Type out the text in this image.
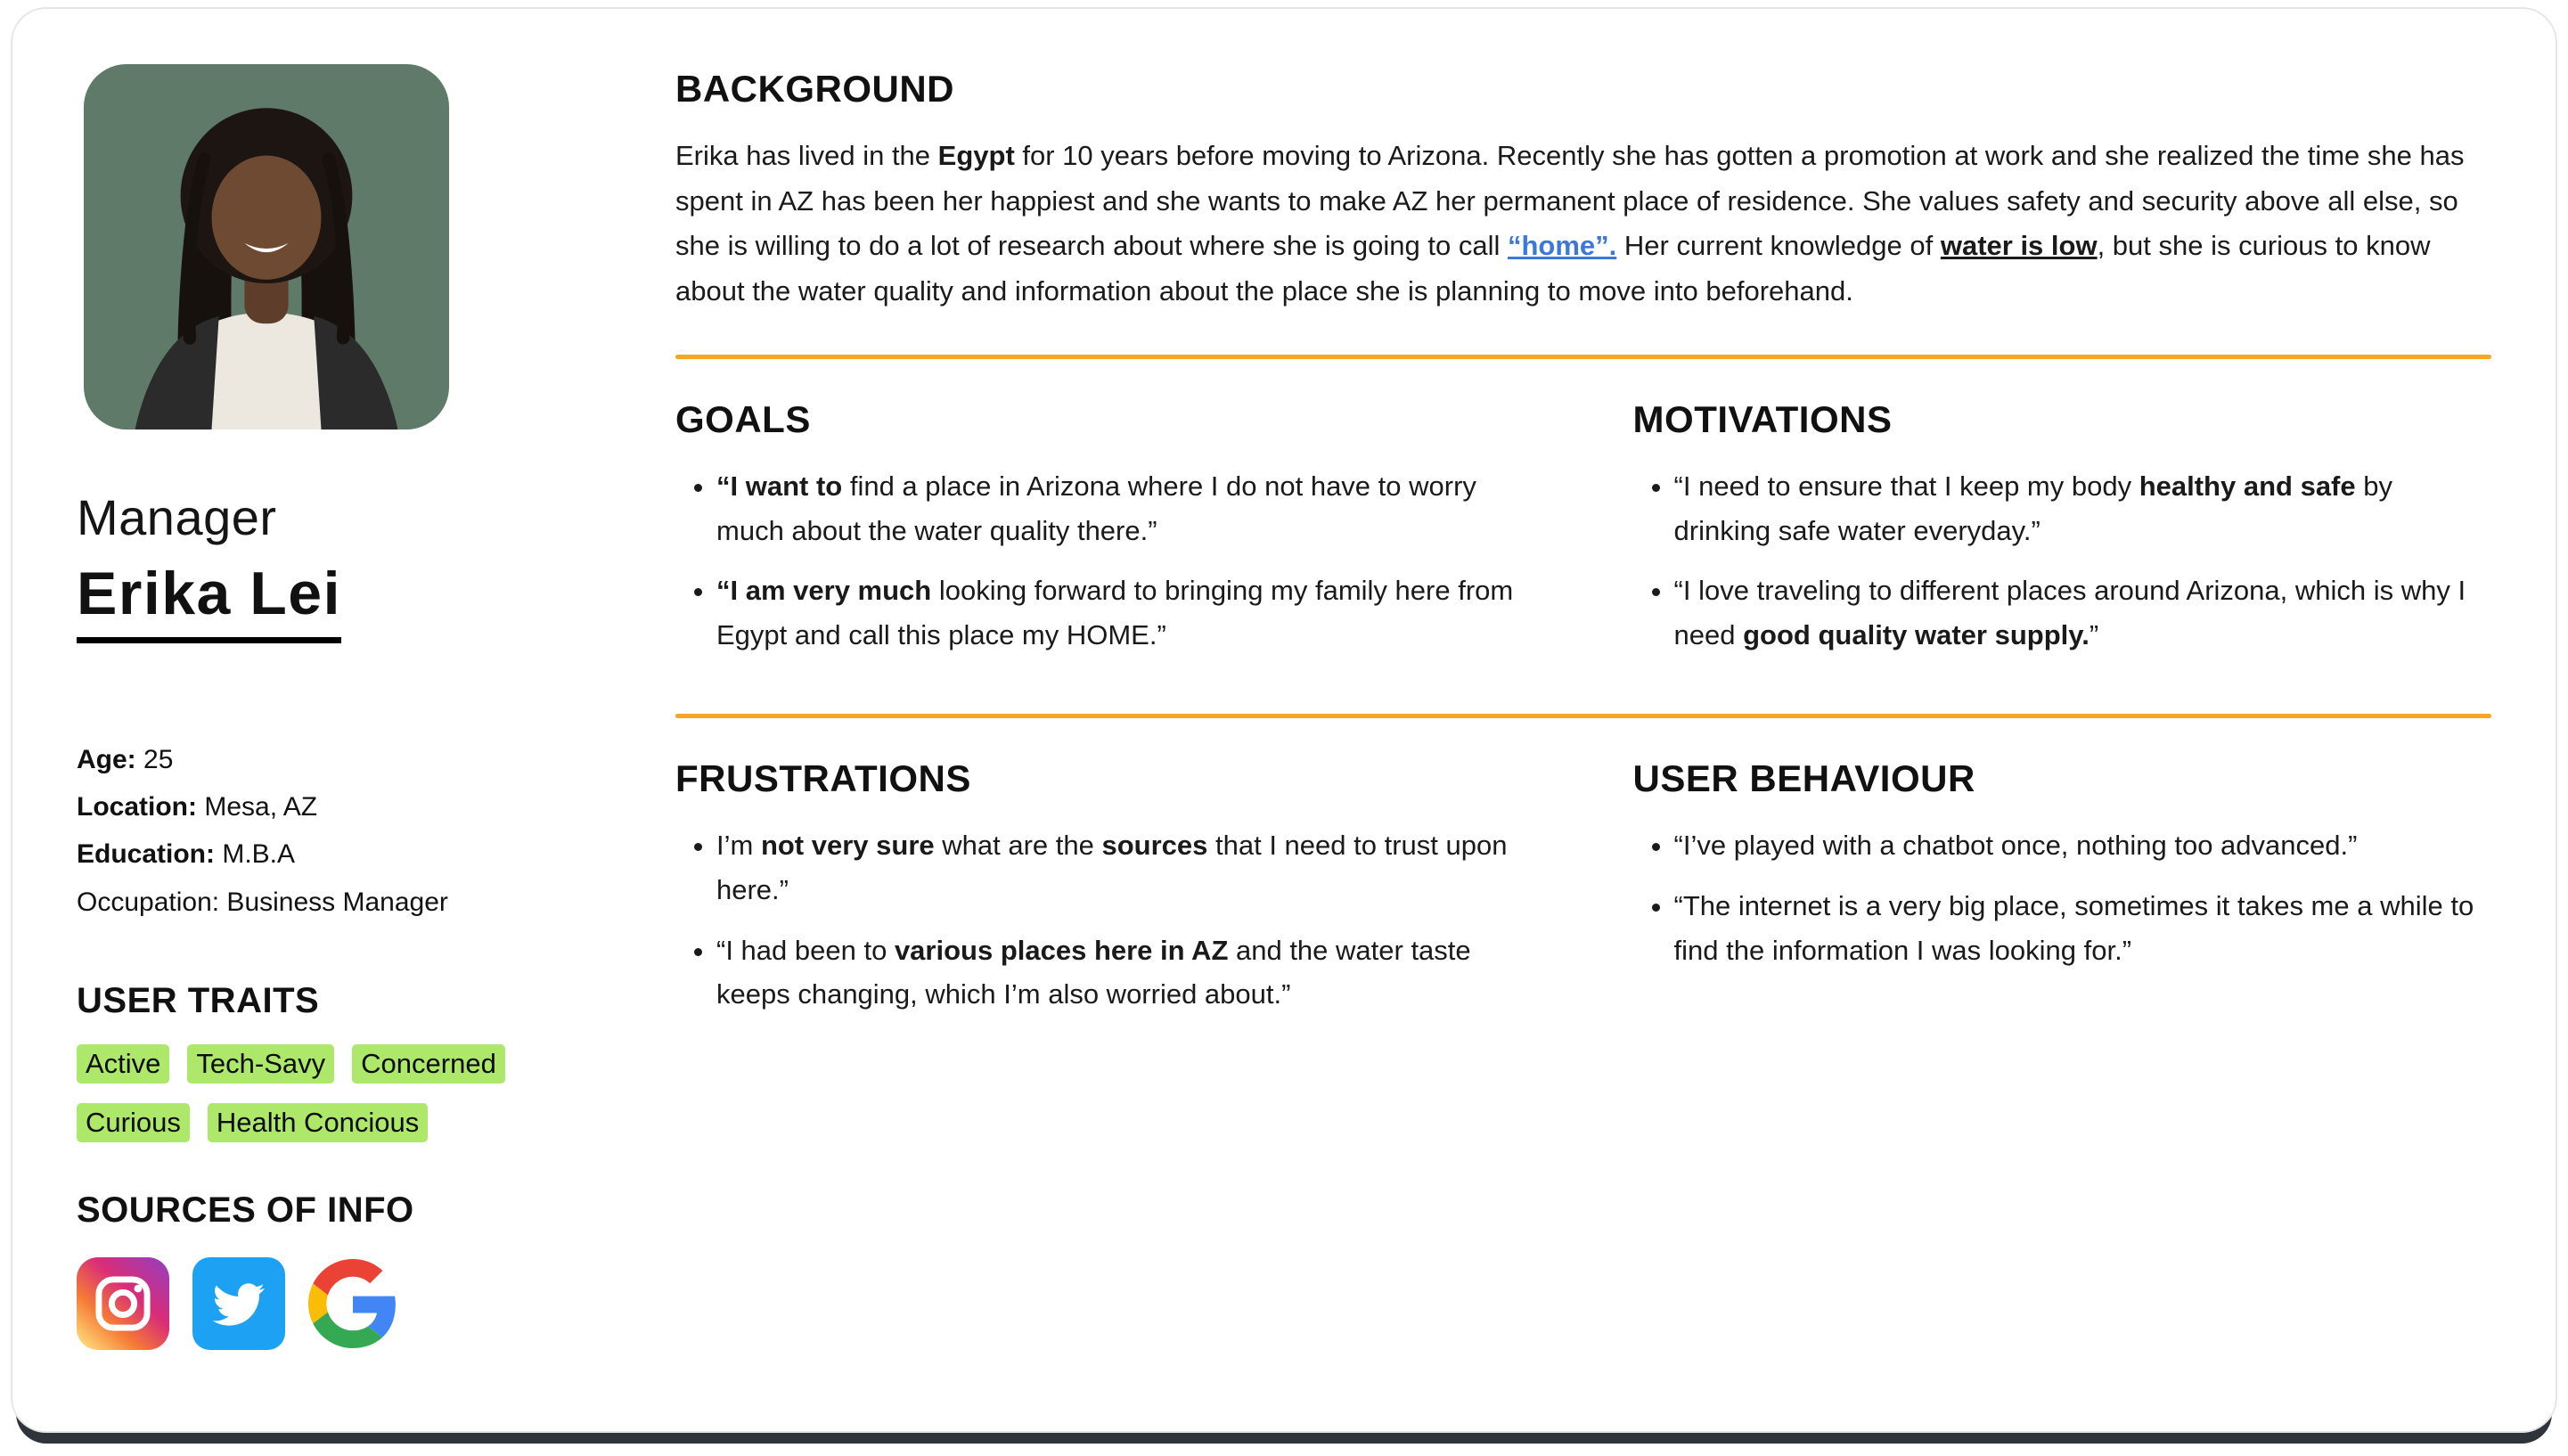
Manager
Erika Lei
Age: 25
Location: Mesa, AZ
Education: M.B.A
Occupation: Business Manager
USER TRAITS
Active	Tech-Savy	Concerned
Curious	Health Concious
SOURCES OF INFO
BACKGROUND

Erika has lived in the Egypt for 10 years before moving to Arizona. Recently she has gotten a promotion at work and she realized the time she has spent in AZ has been her happiest and she wants to make AZ her permanent place of residence. She values safety and security above all else, so she is willing to do a lot of research about where she is going to call “home”. Her current knowledge of water is low, but she is curious to know about the water quality and information about the place she is planning to move into beforehand.

GOALS
• “I want to find a place in Arizona where I do not have to worry much about the water quality there.”
• “I am very much looking forward to bringing my family here from Egypt and call this place my HOME.”
MOTIVATIONS
• “I need to ensure that I keep my body healthy and safe by drinking safe water everyday.”
• “I love traveling to different places around Arizona, which is why I need good quality water supply.”
FRUSTRATIONS
• I’m not very sure what are the sources that I need to trust upon here.”
• “I had been to various places here in AZ and the water taste keeps changing, which I’m also worried about.”
USER BEHAVIOUR
• “I’ve played with a chatbot once, nothing too advanced.”
• “The internet is a very big place, sometimes it takes me a while to find the information I was looking for.”
